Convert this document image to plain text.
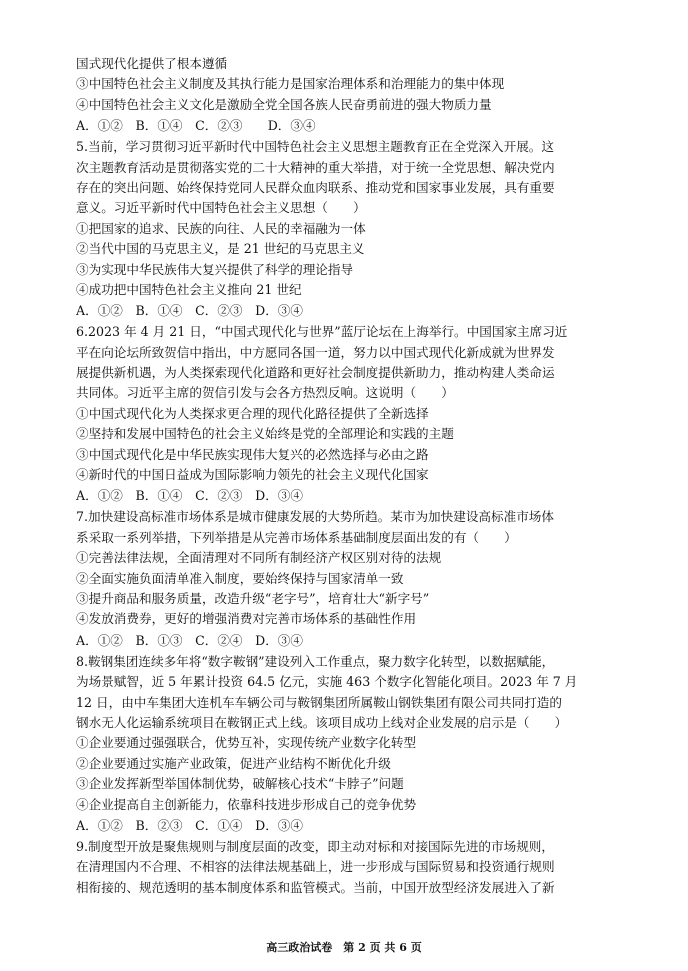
国式现代化提供了根本遵循
③中国特色社会主义制度及其执行能力是国家治理体系和治理能力的集中体现
④中国特色社会主义文化是激励全党全国各族人民奋勇前进的强大物质力量
A．①②　B．①④　C．②③　　D．③④
5.当前，学习贯彻习近平新时代中国特色社会主义思想主题教育正在全党深入开展。这
次主题教育活动是贯彻落实党的二十大精神的重大举措，对于统一全党思想、解决党内
存在的突出问题、始终保持党同人民群众血肉联系、推动党和国家事业发展，具有重要
意义。习近平新时代中国特色社会主义思想（　　）
①把国家的追求、民族的向往、人民的幸福融为一体
②当代中国的马克思主义，是 21 世纪的马克思主义
③为实现中华民族伟大复兴提供了科学的理论指导
④成功把中国特色社会主义推向 21 世纪
A．①②　B．①④　C．②③　D．③④
6.2023 年 4 月 21 日，“中国式现代化与世界”蓝厅论坛在上海举行。中国国家主席习近
平在向论坛所致贺信中指出，中方愿同各国一道，努力以中国式现代化新成就为世界发
展提供新机遇，为人类探索现代化道路和更好社会制度提供新助力，推动构建人类命运
共同体。习近平主席的贺信引发与会各方热烈反响。这说明（　　）
①中国式现代化为人类探求更合理的现代化路径提供了全新选择
②坚持和发展中国特色的社会主义始终是党的全部理论和实践的主题
③中国式现代化是中华民族实现伟大复兴的必然选择与必由之路
④新时代的中国日益成为国际影响力领先的社会主义现代化国家
A．①②　B．①④　C．②③　D．③④
7.加快建设高标准市场体系是城市健康发展的大势所趋。某市为加快建设高标准市场体
系采取一系列举措，下列举措是从完善市场体系基础制度层面出发的有（　　）
①完善法律法规，全面清理对不同所有制经济产权区别对待的法规
②全面实施负面清单准入制度，要始终保持与国家清单一致
③提升商品和服务质量，改造升级“老字号”，培育壮大“新字号”
④发放消费券，更好的增强消费对完善市场体系的基础性作用
A．①②　B．①③　C．②④　D．③④
8.鞍钢集团连续多年将“数字鞍钢”建设列入工作重点，聚力数字化转型，以数据赋能，
为场景赋智，近 5 年累计投资 64.5 亿元，实施 463 个数字化智能化项目。2023 年 7 月
12 日，由中车集团大连机车车辆公司与鞍钢集团所属鞍山钢铁集团有限公司共同打造的
钢水无人化运输系统项目在鞍钢正式上线。该项目成功上线对企业发展的启示是（　　）
①企业要通过强强联合，优势互补，实现传统产业数字化转型
②企业要通过实施产业政策，促进产业结构不断优化升级
③企业发挥新型举国体制优势，破解核心技术“卡脖子”问题
④企业提高自主创新能力，依靠科技进步形成自己的竞争优势
A．①②　B．②③　C．①④　D．③④
9.制度型开放是聚焦规则与制度层面的改变，即主动对标和对接国际先进的市场规则，
在清理国内不合理、不相容的法律法规基础上，进一步形成与国际贸易和投资通行规则
相衔接的、规范透明的基本制度体系和监管模式。当前，中国开放型经济发展进入了新
高三政治试卷　第 2 页 共 6 页
